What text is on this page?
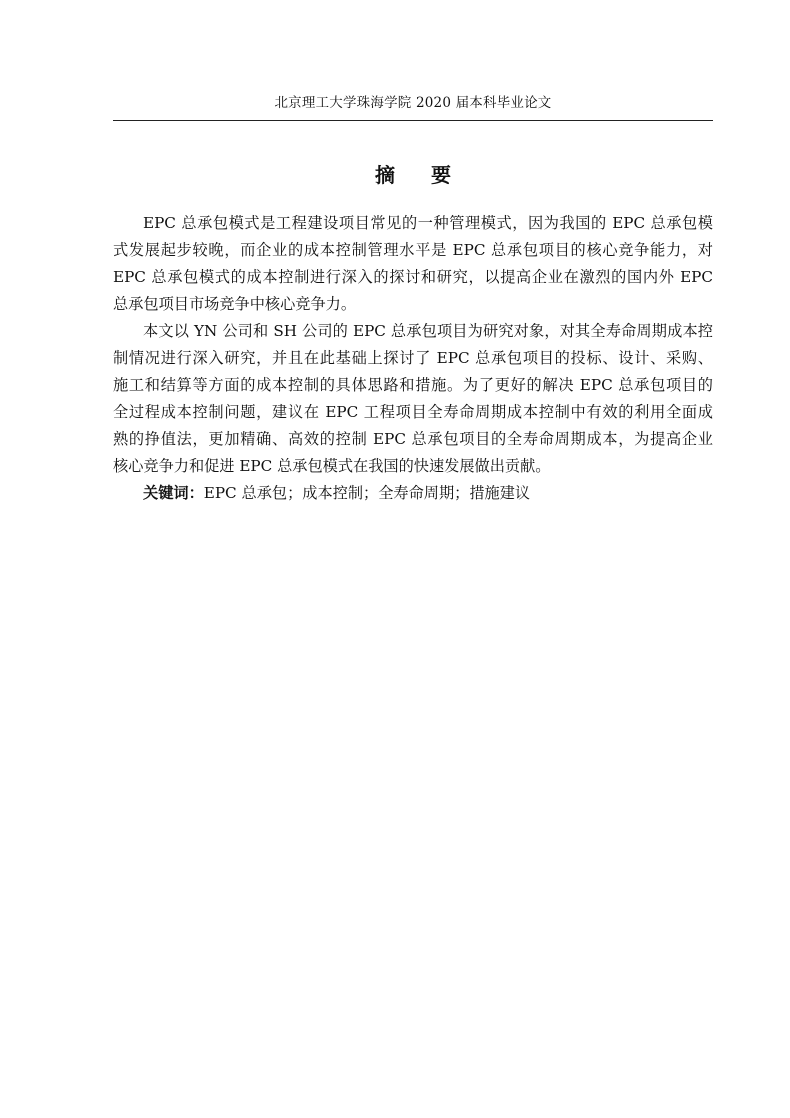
北京理工大学珠海学院 2020 届本科毕业论文
摘 要
EPC 总承包模式是工程建设项目常见的一种管理模式，因为我国的 EPC 总承包模
式发展起步较晚，而企业的成本控制管理水平是 EPC 总承包项目的核心竞争能力，对
EPC 总承包模式的成本控制进行深入的探讨和研究，以提高企业在激烈的国内外 EPC
总承包项目市场竞争中核心竞争力。
本文以 YN 公司和 SH 公司的 EPC 总承包项目为研究对象，对其全寿命周期成本控
制情况进行深入研究，并且在此基础上探讨了 EPC 总承包项目的投标、设计、采购、
施工和结算等方面的成本控制的具体思路和措施。为了更好的解决 EPC 总承包项目的
全过程成本控制问题，建议在 EPC 工程项目全寿命周期成本控制中有效的利用全面成
熟的挣值法，更加精确、高效的控制 EPC 总承包项目的全寿命周期成本，为提高企业
核心竞争力和促进 EPC 总承包模式在我国的快速发展做出贡献。
关键词：EPC 总承包；成本控制；全寿命周期；措施建议
